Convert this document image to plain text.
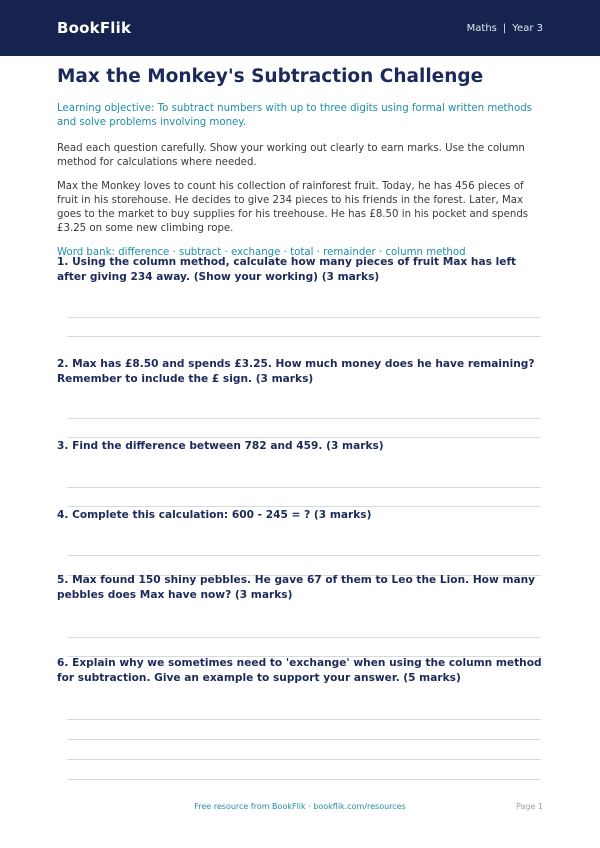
BookFlik	Maths | Year 3
Max the Monkey's Subtraction Challenge

Learning objective: To subtract numbers with up to three digits using formal written methods and solve problems involving money.

Read each question carefully. Show your working out clearly to earn marks. Use the column method for calculations where needed.

Max the Monkey loves to count his collection of rainforest fruit. Today, he has 456 pieces of fruit in his storehouse. He decides to give 234 pieces to his friends in the forest. Later, Max goes to the market to buy supplies for his treehouse. He has £8.50 in his pocket and spends £3.25 on some new climbing rope.

Word bank: difference · subtract · exchange · total · remainder · column method

1. Using the column method, calculate how many pieces of fruit Max has left after giving 234 away. (Show your working) (3 marks)
2. Max has £8.50 and spends £3.25. How much money does he have remaining? Remember to include the £ sign. (3 marks)
3. Find the difference between 782 and 459. (3 marks)
4. Complete this calculation: 600 - 245 = ? (3 marks)
5. Max found 150 shiny pebbles. He gave 67 of them to Leo the Lion. How many pebbles does Max have now? (3 marks)
6. Explain why we sometimes need to 'exchange' when using the column method for subtraction. Give an example to support your answer. (5 marks)
Free resource from BookFlik · bookflik.com/resources	Page 1
